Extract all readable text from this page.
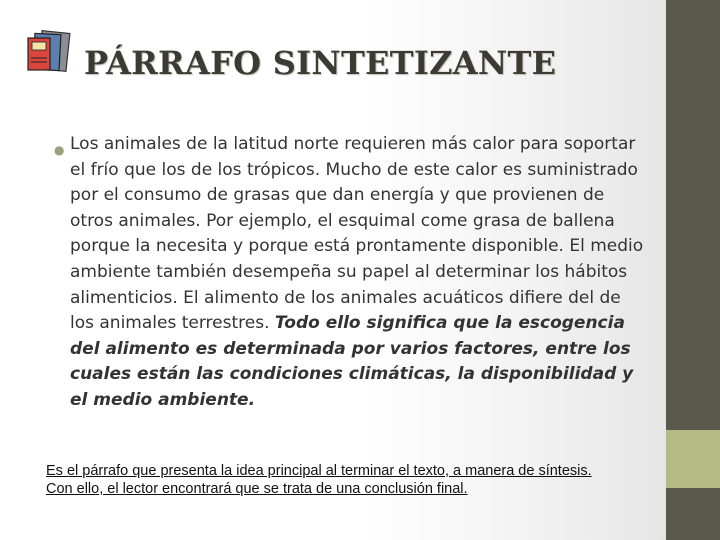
PÁRRAFO SINTETIZANTE
● Los animales de la latitud norte requieren más calor para soportar el frío que los de los trópicos. Mucho de este calor es suministrado por el consumo de grasas que dan energía y que provienen de otros animales. Por ejemplo, el esquimal come grasa de ballena porque la necesita y porque está prontamente disponible. El medio ambiente también desempeña su papel al determinar los hábitos alimenticios. El alimento de los animales acuáticos difiere del de los animales terrestres. Todo ello significa que la escogencia del alimento es determinada por varios factores, entre los cuales están las condiciones climáticas, la disponibilidad y el medio ambiente.
Es el párrafo que presenta la idea principal al terminar el texto, a manera de síntesis. Con ello, el lector encontrará que se trata de una conclusión final.
